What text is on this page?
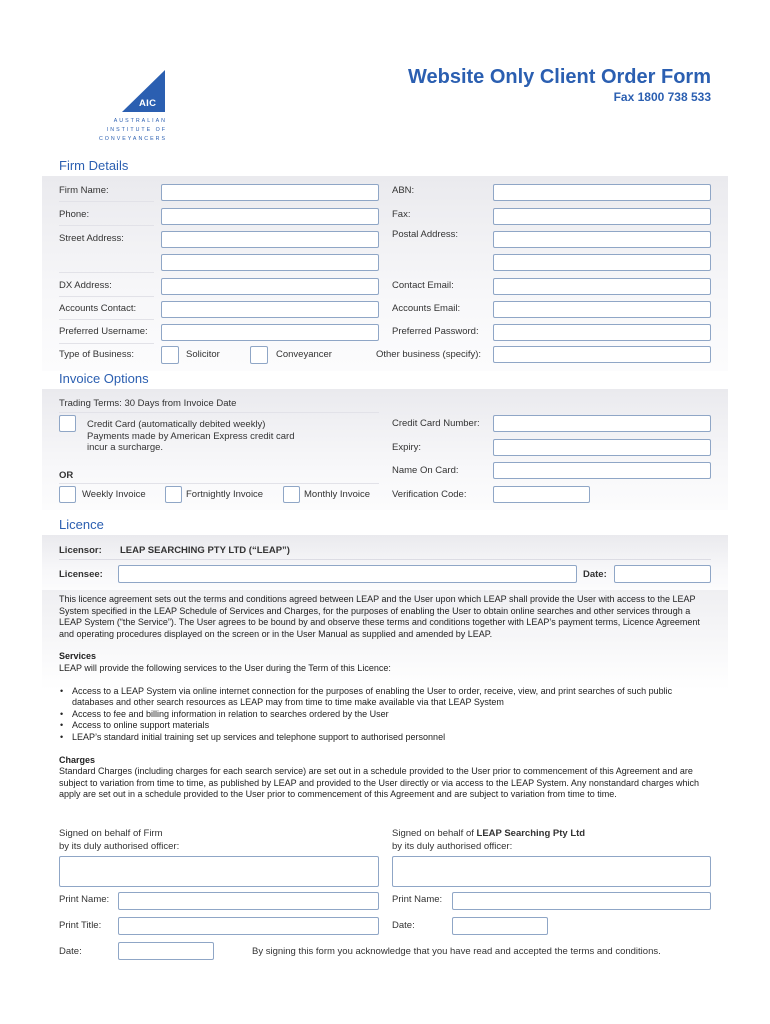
AIC
AUSTRALIAN
INSTITUTE OF
CONVEYANCERS
Website Only Client Order Form
Fax 1800 738 533
Firm Details
Firm Name:	ABN:
Phone:	Fax:
Street Address:	Postal Address:
DX Address:	Contact Email:
Accounts Contact:	Accounts Email:
Preferred Username:	Preferred Password:
Type of Business:	Solicitor	Conveyancer	Other business (specify):
Invoice Options
Trading Terms: 30 Days from Invoice Date
Credit Card (automatically debited weekly)
Payments made by American Express credit card
incur a surcharge.
OR
Weekly Invoice	Fortnightly Invoice	Monthly Invoice
Credit Card Number:
Expiry:
Name On Card:
Verification Code:
Licence
Licensor: LEAP SEARCHING PTY LTD (“LEAP”)
Licensee:	Date:

This licence agreement sets out the terms and conditions agreed between LEAP and the User upon which LEAP shall provide the User with access to the LEAP System specified in the LEAP Schedule of Services and Charges, for the purposes of enabling the User to obtain online searches and other services through a LEAP System (“the Service”). The User agrees to be bound by and observe these terms and conditions together with LEAP’s payment terms, Licence Agreement and operating procedures displayed on the screen or in the User Manual as supplied and amended by LEAP.

Services

LEAP will provide the following services to the User during the Term of this Licence:

• Access to a LEAP System via online internet connection for the purposes of enabling the User to order, receive, view, and print searches of such public databases and other search resources as LEAP may from time to time make available via that LEAP System
• Access to fee and billing information in relation to searches ordered by the User
• Access to online support materials
• LEAP’s standard initial training set up services and telephone support to authorised personnel
Charges

Standard Charges (including charges for each search service) are set out in a schedule provided to the User prior to commencement of this Agreement and are subject to variation from time to time, as published by LEAP and provided to the User directly or via access to the LEAP System. Any nonstandard charges which apply are set out in a schedule provided to the User prior to commencement of this Agreement and are subject to variation from time to time.

Signed on behalf of Firm
by its duly authorised officer:
Signed on behalf of LEAP Searching Pty Ltd
by its duly authorised officer:
Print Name:	Print Name:
Print Title:	Date:
Date:	By signing this form you acknowledge that you have read and accepted the terms and conditions.
